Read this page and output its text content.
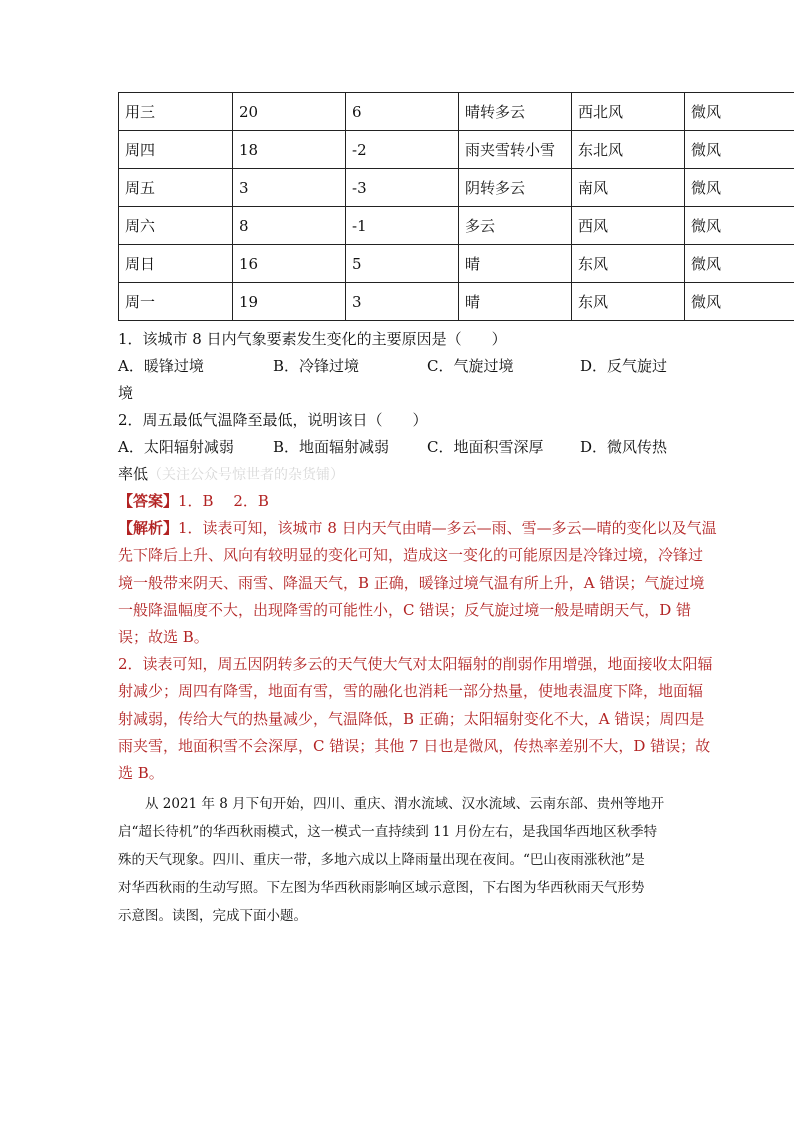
用三	20	6	晴转多云	西北风	微风
周四	18	-2	雨夹雪转小雪	东北风	微风
周五	3	-3	阴转多云	南风	微风
周六	8	-1	多云	西风	微风
周日	16	5	晴	东风	微风
周一	19	3	晴	东风	微风
1．该城市 8 日内气象要素发生变化的主要原因是（　　）
A．暖锋过境	B．冷锋过境	C．气旋过境	D．反气旋过
境
2．周五最低气温降至最低，说明该日（　　）
A．太阳辐射减弱	B．地面辐射减弱	C．地面积雪深厚 D．微风传热
率低（关注公众号惊世者的杂货铺）
【答案】1．B　 2．B
【解析】1．读表可知，该城市 8 日内天气由晴—多云—雨、雪—多云—晴的变化以及气温
先下降后上升、风向有较明显的变化可知，造成这一变化的可能原因是冷锋过境，冷锋过
境一般带来阴天、雨雪、降温天气，B 正确，暖锋过境气温有所上升，A 错误；气旋过境
一般降温幅度不大，出现降雪的可能性小，C 错误；反气旋过境一般是晴朗天气，D 错
误；故选 B。
2．读表可知，周五因阴转多云的天气使大气对太阳辐射的削弱作用增强，地面接收太阳辐
射减少；周四有降雪，地面有雪，雪的融化也消耗一部分热量，使地表温度下降，地面辐
射减弱，传给大气的热量减少，气温降低，B 正确；太阳辐射变化不大，A 错误；周四是
雨夹雪，地面积雪不会深厚，C 错误；其他 7 日也是微风，传热率差别不大，D 错误；故
选 B。
　　从 2021 年 8 月下旬开始，四川、重庆、渭水流域、汉水流域、云南东部、贵州等地开
启“超长待机”的华西秋雨模式，这一模式一直持续到 11 月份左右，是我国华西地区秋季特
殊的天气现象。四川、重庆一带，多地六成以上降雨量出现在夜间。“巴山夜雨涨秋池”是
对华西秋雨的生动写照。下左图为华西秋雨影响区域示意图，下右图为华西秋雨天气形势
示意图。读图，完成下面小题。
